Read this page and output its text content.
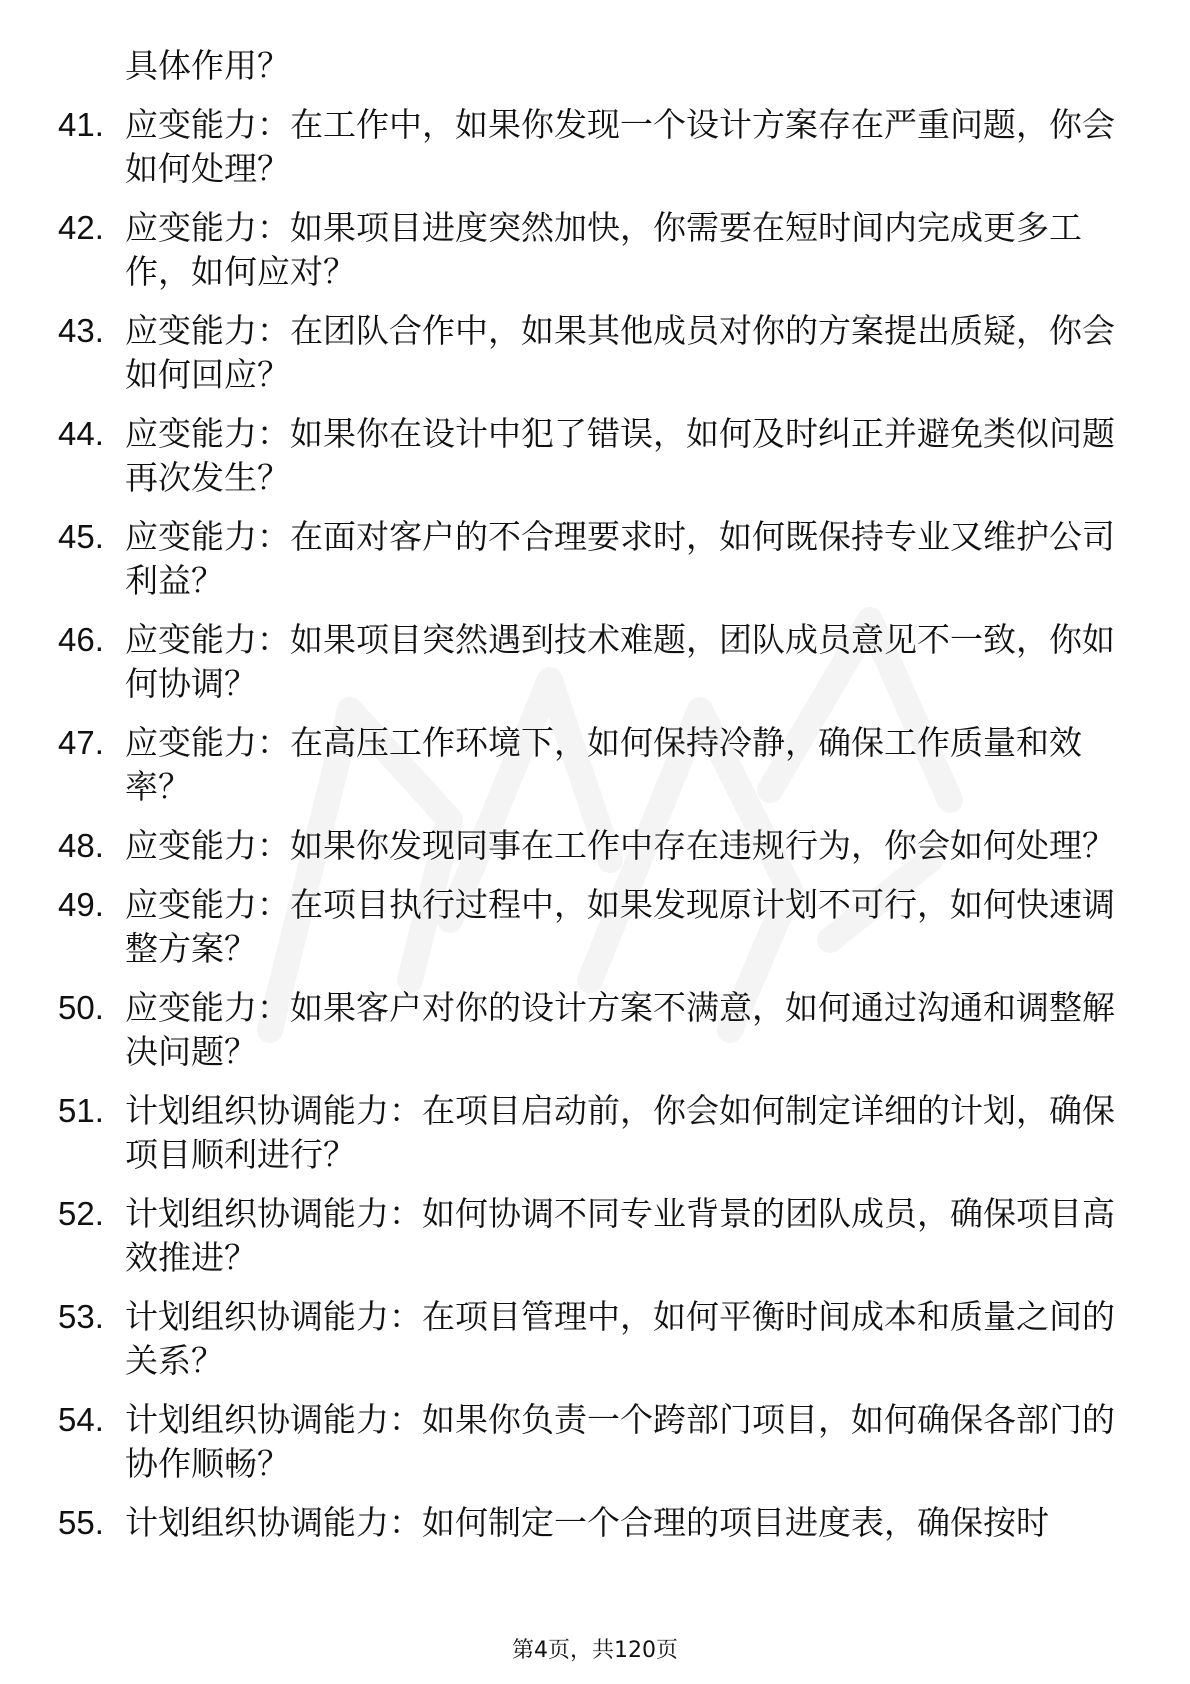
具体作用？
41. 应变能力：在工作中，如果你发现一个设计方案存在严重问题，你会如何处理？
42. 应变能力：如果项目进度突然加快，你需要在短时间内完成更多工作，如何应对？
43. 应变能力：在团队合作中，如果其他成员对你的方案提出质疑，你会如何回应？
44. 应变能力：如果你在设计中犯了错误，如何及时纠正并避免类似问题再次发生？
45. 应变能力：在面对客户的不合理要求时，如何既保持专业又维护公司利益？
46. 应变能力：如果项目突然遇到技术难题，团队成员意见不一致，你如何协调？
47. 应变能力：在高压工作环境下，如何保持冷静，确保工作质量和效率？
48. 应变能力：如果你发现同事在工作中存在违规行为，你会如何处理？
49. 应变能力：在项目执行过程中，如果发现原计划不可行，如何快速调整方案？
50. 应变能力：如果客户对你的设计方案不满意，如何通过沟通和调整解决问题？
51. 计划组织协调能力：在项目启动前，你会如何制定详细的计划，确保项目顺利进行？
52. 计划组织协调能力：如何协调不同专业背景的团队成员，确保项目高效推进？
53. 计划组织协调能力：在项目管理中，如何平衡时间成本和质量之间的关系？
54. 计划组织协调能力：如果你负责一个跨部门项目，如何确保各部门的协作顺畅？
55. 计划组织协调能力：如何制定一个合理的项目进度表，确保按时
第4页，共120页
